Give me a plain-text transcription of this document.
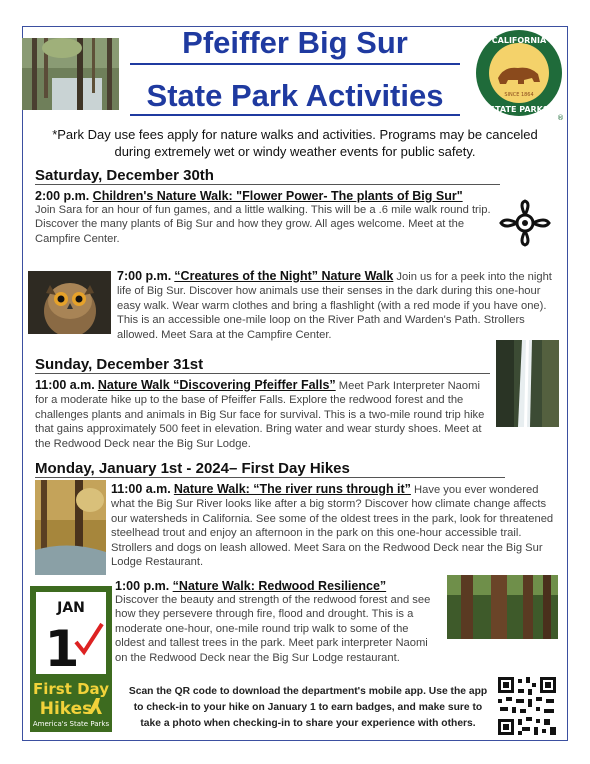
Pfeiffer Big Sur
State Park Activities	SINCE 1864
CALIFORNIA
STATE PARKS
®
*Park Day use fees apply for nature walks and activities. Programs may be canceled during extremely wet or windy weather events for public safety.
Saturday, December 30th
2:00 p.m. Children's Nature Walk: "Flower Power- The plants of Big Sur"
Join Sara for an hour of fun games, and a little walking. This will be a .6 mile walk round trip. Discover the many plants of Big Sur and how they grow. All ages welcome. Meet at the Campfire Center.
7:00 p.m. “Creatures of the Night” Nature Walk Join us for a peek into the night life of Big Sur. Discover how animals use their senses in the dark during this one-hour easy walk. Wear warm clothes and bring a flashlight (with a red mode if you have one). This is an accessible one-mile loop on the River Path and Warden's Path. Strollers allowed. Meet Sara at the Campfire Center.
Sunday, December 31st
11:00 a.m. Nature Walk “Discovering Pfeiffer Falls” Meet Park Interpreter Naomi for a moderate hike up to the base of Pfeiffer Falls. Explore the redwood forest and the challenges plants and animals in Big Sur face for survival. This is a two-mile round trip hike that gains approximately 500 feet in elevation. Bring water and wear sturdy shoes. Meet at the Redwood Deck near the Big Sur Lodge.
Monday, January 1st - 2024– First Day Hikes
11:00 a.m. Nature Walk: “The river runs through it” Have you ever wondered what the Big Sur River looks like after a big storm? Discover how climate change affects our watersheds in California. See some of the oldest trees in the park, look for threatened steelhead trout and enjoy an afternoon in the park on this one-hour accessible trail. Strollers and dogs on leash allowed. Meet Sara on the Redwood Deck near the Big Sur Lodge Restaurant.
JAN
1
First Day
Hikes
America's State Parks
1:00 p.m. “Nature Walk: Redwood Resilience”
Discover the beauty and strength of the redwood forest and see how they persevere through fire, flood and drought. This is a moderate one-hour, one-mile round trip walk to some of the oldest and tallest trees in the park. Meet park interpreter Naomi on the Redwood Deck near the Big Sur Lodge restaurant.
Scan the QR code to download the department's mobile app. Use the app to check-in to your hike on January 1 to earn badges, and make sure to take a photo when checking-in to share your experience with others.
